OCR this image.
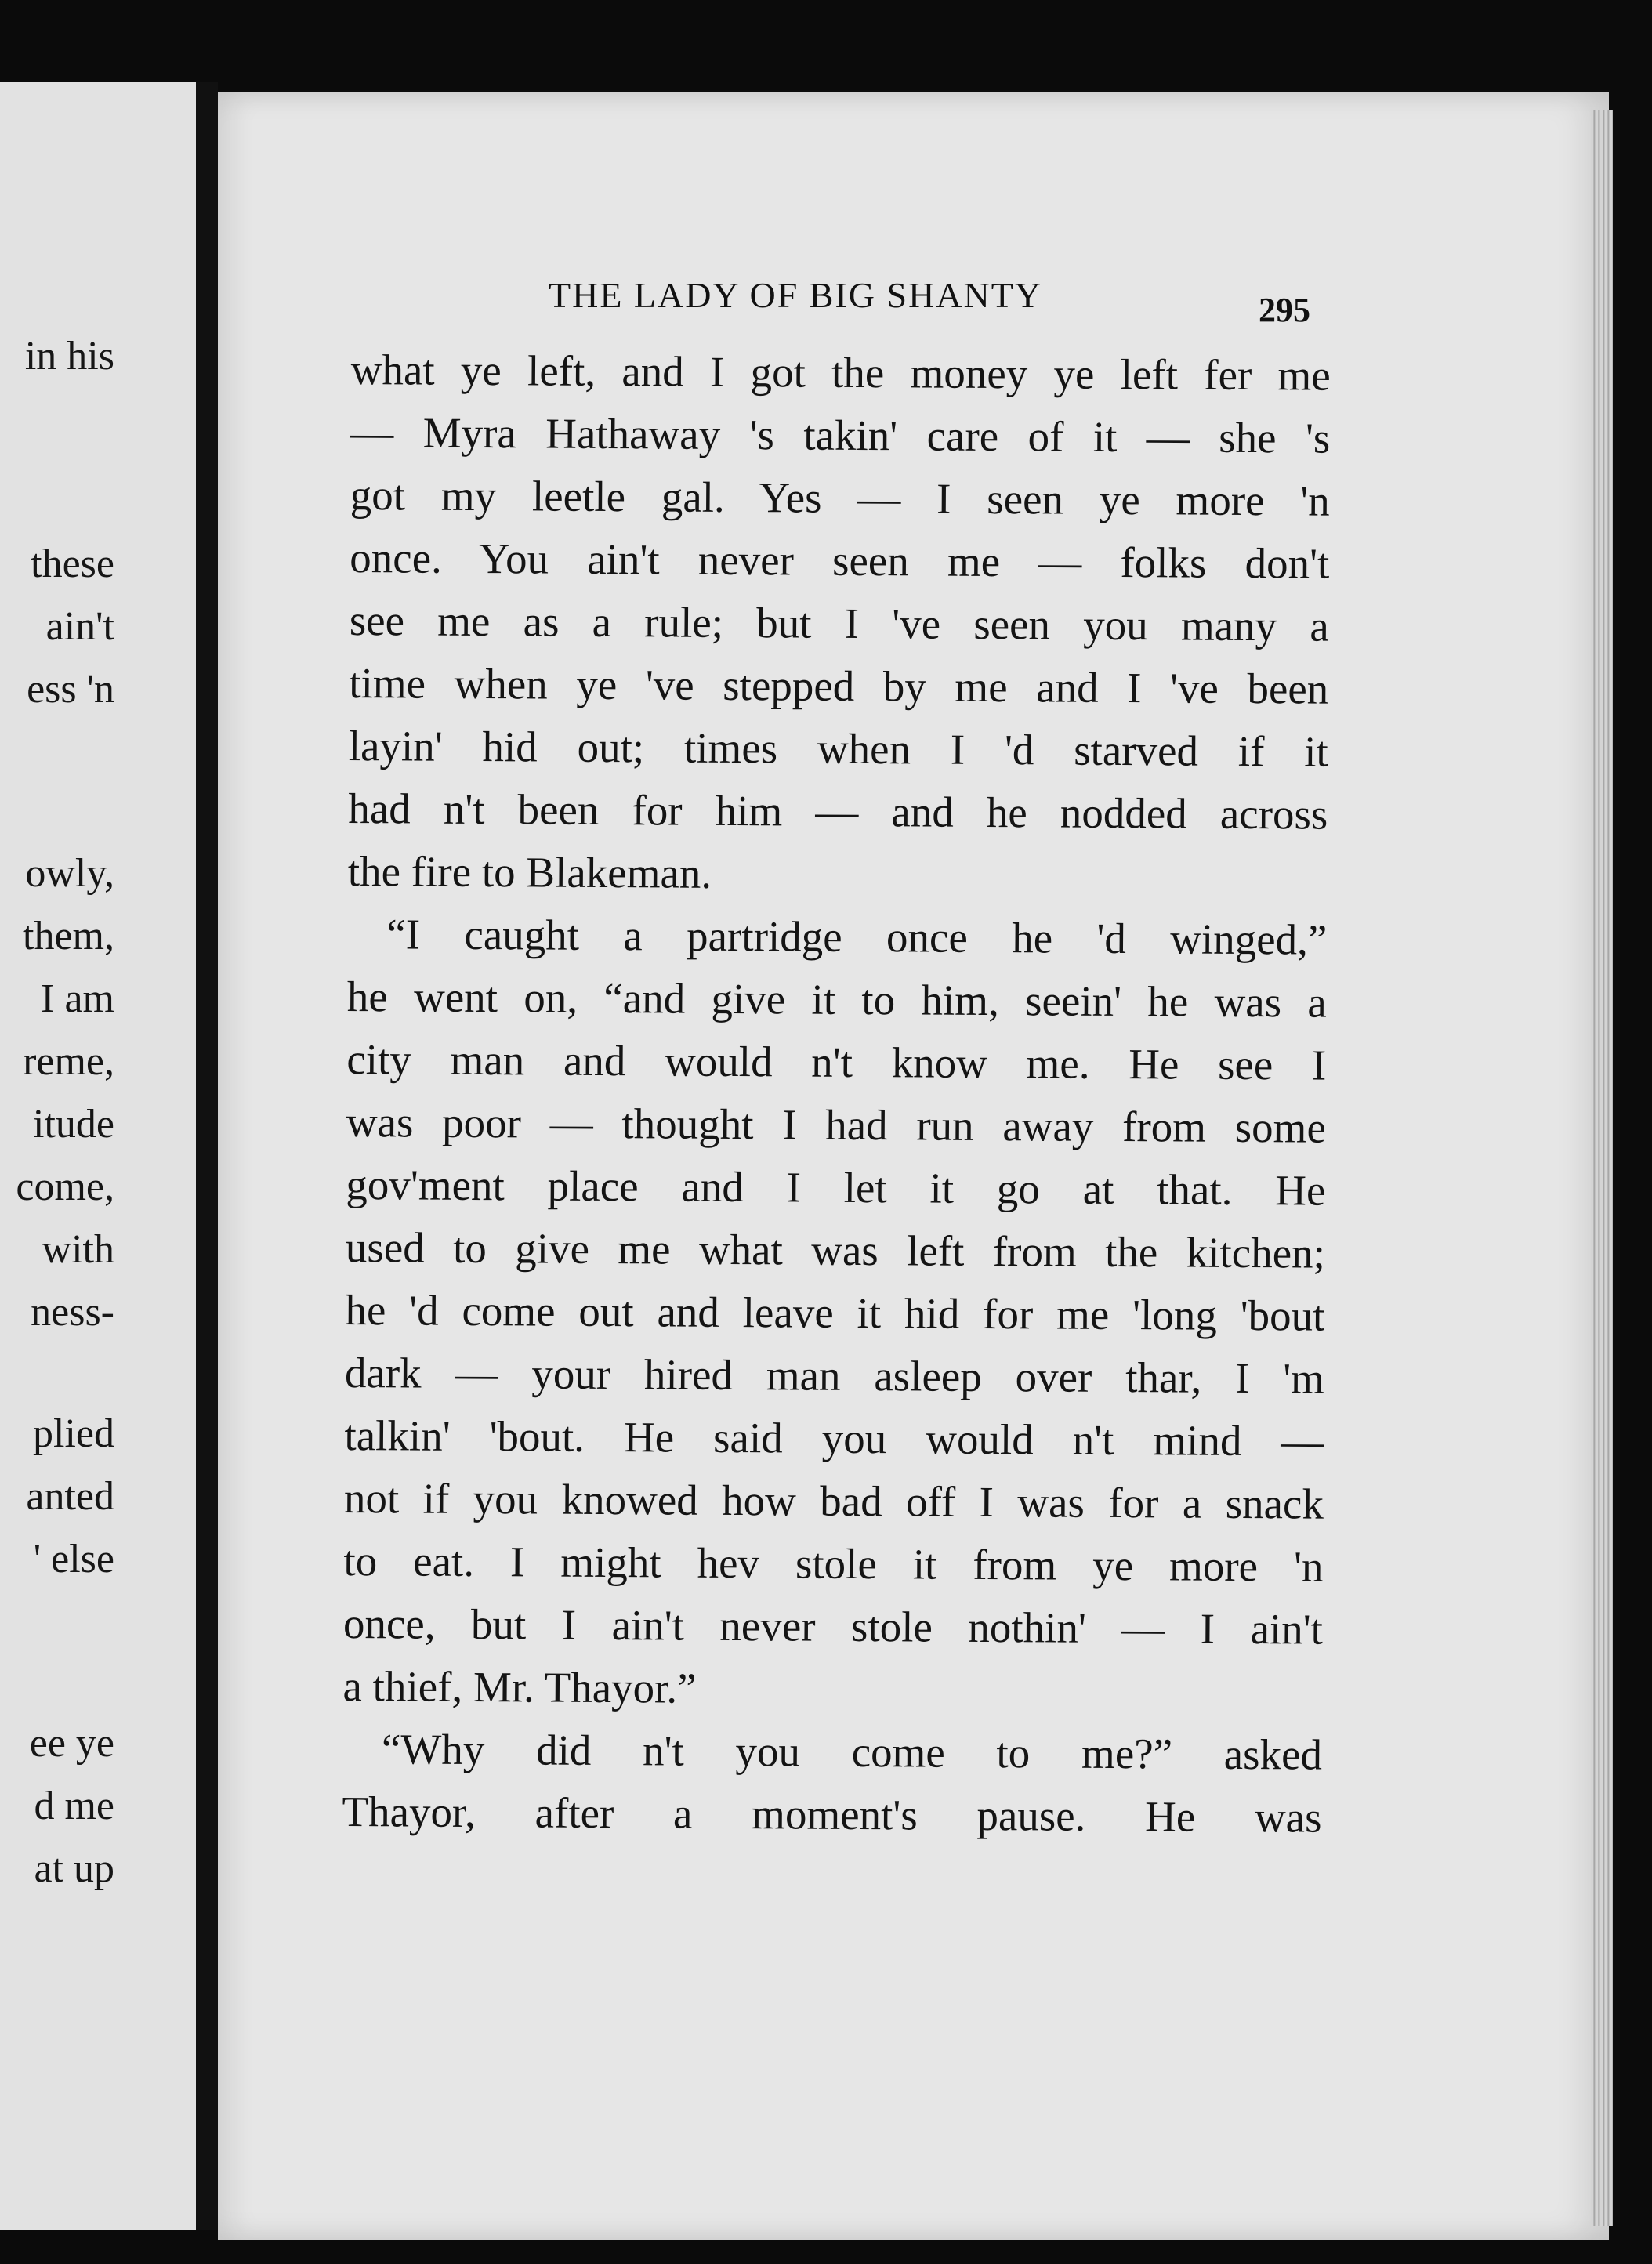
in his
these
ain't
ess 'n
owly,
them,
I am
reme,
itude
come,
with
ness-
plied
anted
' else
ee ye
d me
at up
THE LADY OF BIG SHANTY	295
what ye left, and I got the money ye left fer me
— Myra Hathaway 's takin' care of it — she 's
got my leetle gal. Yes — I seen ye more 'n
once. You ain't never seen me — folks don't
see me as a rule; but I 've seen you many a
time when ye 've stepped by me and I 've been
layin' hid out; times when I 'd starved if it
had n't been for him — and he nodded across
the fire to Blakeman.
“I caught a partridge once he 'd winged,”
he went on, “and give it to him, seein' he was a
city man and would n't know me. He see I
was poor — thought I had run away from some
gov'ment place and I let it go at that. He
used to give me what was left from the kitchen;
he 'd come out and leave it hid for me 'long 'bout
dark — your hired man asleep over thar, I 'm
talkin' 'bout. He said you would n't mind —
not if you knowed how bad off I was for a snack
to eat. I might hev stole it from ye more 'n
once, but I ain't never stole nothin' — I ain't
a thief, Mr. Thayor.”
“Why did n't you come to me?” asked
Thayor, after a moment's pause. He was
